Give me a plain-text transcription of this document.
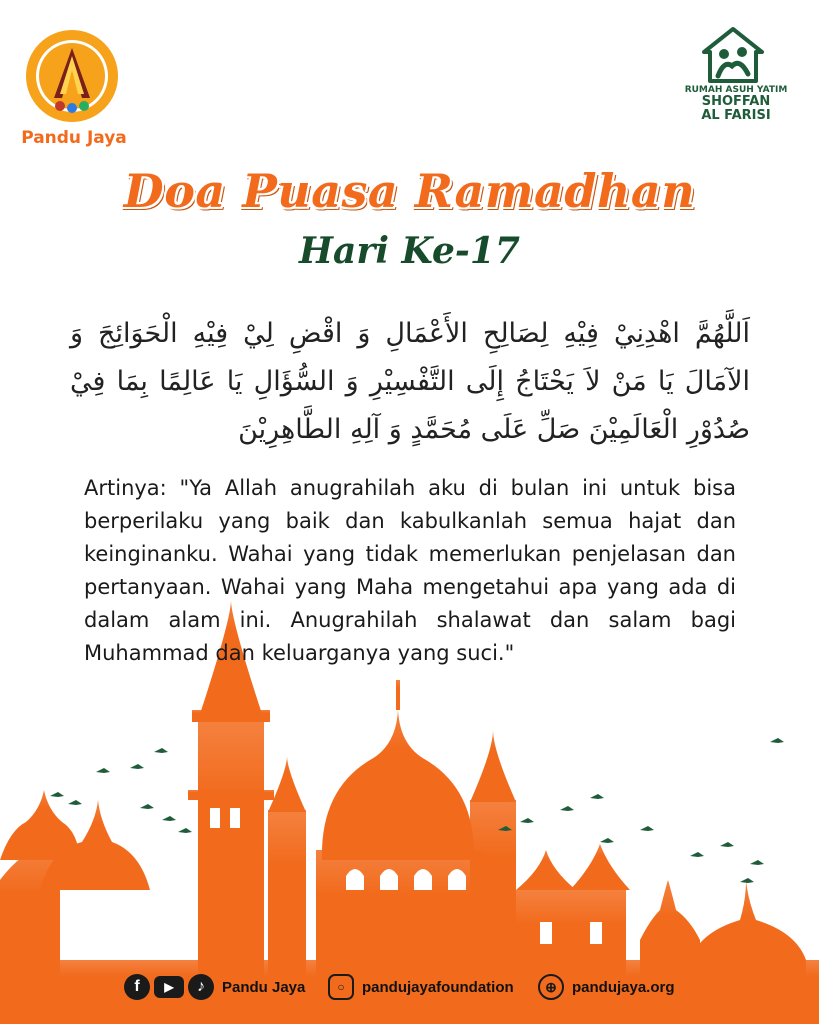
Pandu Jaya
RUMAH ASUH YATIM
SHOFFAN
AL FARISI
Doa Puasa Ramadhan
Hari Ke-17
اَللَّهُمَّ اهْدِنِيْ فِيْهِ لِصَالِحِ الأَعْمَالِ وَ اقْضِ لِيْ فِيْهِ الْحَوَائِجَ وَ الآمَالَ يَا مَنْ لاَ يَحْتَاجُ إِلَى التَّفْسِيْرِ وَ السُّؤَالِ يَا عَالِمًا بِمَا فِيْ صُدُوْرِ الْعَالَمِيْنَ صَلِّ عَلَى مُحَمَّدٍ وَ آلِهِ الطَّاهِرِيْنَ
Artinya: "Ya Allah anugrahilah aku di bulan ini untuk bisa berperilaku yang baik dan kabulkanlah semua hajat dan keinginanku. Wahai yang tidak memerlukan penjelasan dan pertanyaan. Wahai yang Maha mengetahui apa yang ada di dalam alam ini. Anugrahilah shalawat dan salam bagi Muhammad dan keluarganya yang suci."
f	▶	♪	Pandu Jaya	○	pandujayafoundation	⊕	pandujaya.org
